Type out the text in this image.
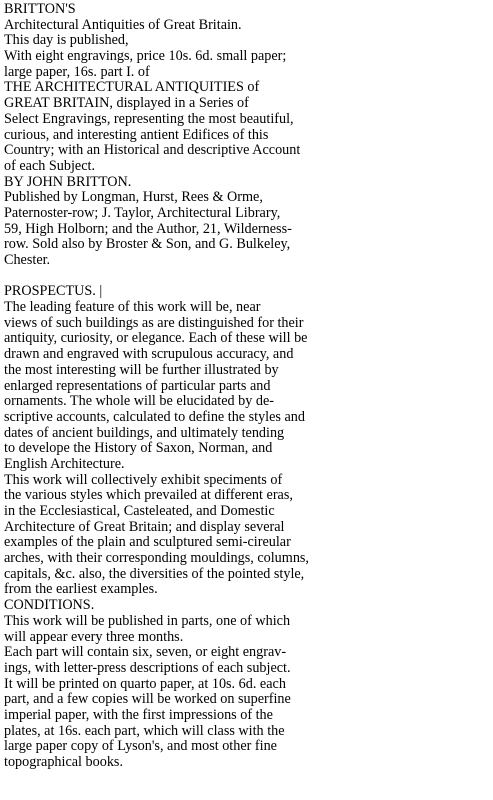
BRITTON'S
Architectural Antiquities of Great Britain.
This day is published,
With eight engravings, price 10s. 6d. small paper;
large paper, 16s. part I. of
THE ARCHITECTURAL ANTIQUITIES of
GREAT BRITAIN, displayed in a Series of
Select Engravings, representing the most beautiful,
curious, and interesting antient Edifices of this
Country; with an Historical and descriptive Account
of each Subject.
BY JOHN BRITTON.
Published by Longman, Hurst, Rees & Orme,
Paternoster-row; J. Taylor, Architectural Library,
59, High Holborn; and the Author, 21, Wilderness-
row. Sold also by Broster & Son, and G. Bulkeley,
Chester.
PROSPECTUS. |
The leading feature of this work will be, near
views of such buildings as are distinguished for their
antiquity, curiosity, or elegance. Each of these will be
drawn and engraved with scrupulous accuracy, and
the most interesting will be further illustrated by
enlarged representations of particular parts and
ornaments. The whole will be elucidated by de-
scriptive accounts, calculated to define the styles and
dates of ancient buildings, and ultimately tending
to develope the History of Saxon, Norman, and
English Architecture.
This work will collectively exhibit speciments of
the various styles which prevailed at different eras,
in the Ecclesiastical, Casteleated, and Domestic
Architecture of Great Britain; and display several
examples of the plain and sculptured semi-cireular
arches, with their corresponding mouldings, columns,
capitals, &c. also, the diversities of the pointed style,
from the earliest examples.
CONDITIONS.
This work will be published in parts, one of which
will appear every three months.
Each part will contain six, seven, or eight engrav-
ings, with letter-press descriptions of each subject.
It will be printed on quarto paper, at 10s. 6d. each
part, and a few copies will be worked on superfine
imperial paper, with the first impressions of the
plates, at 16s. each part, which will class with the
large paper copy of Lyson's, and most other fine
topographical books.
